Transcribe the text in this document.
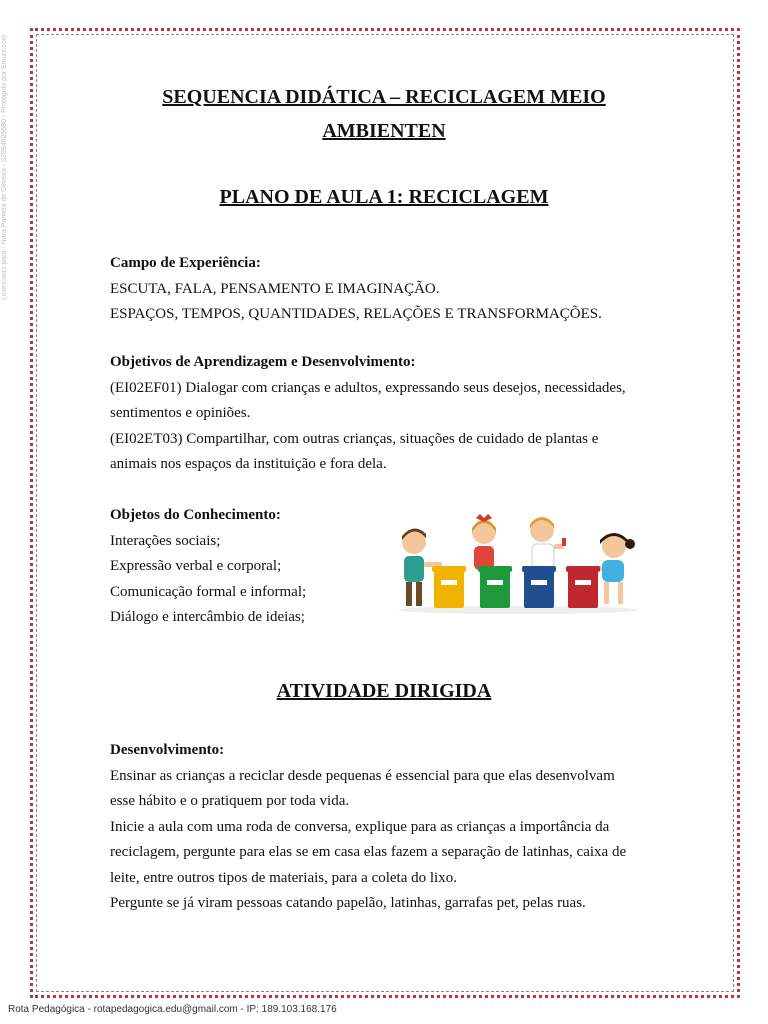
Licenciado para - Nara Pamela de Oliveira - 02994626680 - Protegido por Eduzz.com	SEQUENCIA DIDÁTICA – RECICLAGEM MEIO
AMBIENTEN
PLANO DE AULA 1: RECICLAGEM

Campo de Experiência:

ESCUTA, FALA, PENSAMENTO E IMAGINAÇÃO.

ESPAÇOS, TEMPOS, QUANTIDADES, RELAÇÕES E TRANSFORMAÇÕES.

Objetivos de Aprendizagem e Desenvolvimento:

(EI02EF01) Dialogar com crianças e adultos, expressando seus desejos, necessidades,

sentimentos e opiniões.

(EI02ET03) Compartilhar, com outras crianças, situações de cuidado de plantas e

animais nos espaços da instituição e fora dela.

Objetos do Conhecimento:

Interações sociais;

Expressão verbal e corporal;

Comunicação formal e informal;

Diálogo e intercâmbio de ideias;

ATIVIDADE DIRIGIDA

Desenvolvimento:

Ensinar as crianças a reciclar desde pequenas é essencial para que elas desenvolvam

esse hábito e o pratiquem por toda vida.

Inicie a aula com uma roda de conversa, explique para as crianças a importância da

reciclagem, pergunte para elas se em casa elas fazem a separação de latinhas, caixa de

leite, entre outros tipos de materiais, para a coleta do lixo.

Pergunte se já viram pessoas catando papelão, latinhas, garrafas pet, pelas ruas.

Rota Pedagógica - rotapedagogica.edu@gmail.com - IP: 189.103.168.176
